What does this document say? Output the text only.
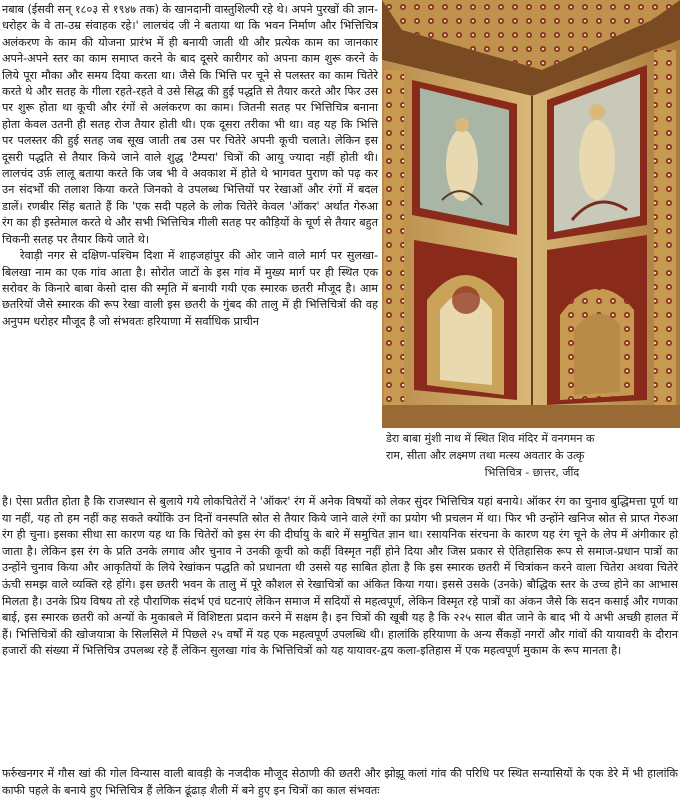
नबाब (ईसवी सन् १८०३ से १९४७ तक) के खानदानी वास्तुशिल्पी रहे थे। अपने पुरखों की ज्ञान-धरोहर के वे ता-उम्र संवाहक रहे।' लालचंद जी ने बताया था कि भवन निर्माण और भित्तिचित्र अलंकरण के काम की योजना प्रारंभ में ही बनायी जाती थी और प्रत्येक काम का जानकार अपने-अपने स्तर का काम समाप्त करने के बाद दूसरे कारीगर को अपना काम शुरू करने के लिये पूरा मौका और समय दिया करता था। जैसे कि भित्ति पर चूने से पलस्तर का काम चितेरे करते थे और सतह के गीला रहते-रहते वे उसे सिद्ध की हुई पद्धति से तैयार करते और फिर उस पर शुरू होता था कूची और रंगों से अलंकरण का काम। जितनी सतह पर भित्तिचित्र बनाना होता केवल उतनी ही सतह रोज तैयार होती थी। एक दूसरा तरीका भी था। वह यह कि भित्ति पर पलस्तर की हुई सतह जब सूख जाती तब उस पर चितेरे अपनी कूची चलाते। लेकिन इस दूसरी पद्धति से तैयार किये जाने वाले शुद्ध 'टैम्परा' चित्रों की आयु ज्यादा नहीं होती थी। लालचंद उर्फ़ लालू बताया करते कि जब भी वे अवकाश में होते थे भागवत पुराण को पढ़ कर उन संदर्भों की तलाश किया करते जिनको वे उपलब्ध भित्तियों पर रेखाओं और रंगों में बदल डालें। रणबीर सिंह बताते हैं कि 'एक सदी पहले के लोक चितेरे केवल 'ऑकर' अर्थात गेरुआ रंग का ही इस्तेमाल करते थे और सभी भित्तिचित्र गीली सतह पर कौड़ियों के चूर्ण से तैयार बहुत चिकनी सतह पर तैयार किये जाते थे।

रेवाड़ी नगर से दक्षिण-पश्चिम दिशा में शाहजहांपुर की ओर जाने वाले मार्ग पर सुलखा-बिलखा नाम का एक गांव आता है। सोरोत जाटों के इस गांव में मुख्य मार्ग पर ही स्थित एक सरोवर के किनारे बाबा केसो दास की स्मृति में बनायी गयी एक स्मारक छतरी मौजूद है। आम छतरियों जैसे स्मारक की रूप रेखा वाली इस छतरी के गुंबद की तालु में ही भित्तिचित्रों की वह अनुपम धरोहर मौजूद है जो संभवतः हरियाणा में सर्वाधिक प्राचीन

डेरा बाबा मुंशी नाथ में स्थित शिव मंदिर में वनगमन क
राम, सीता और लक्ष्मण तथा मत्स्य अवतार के उत्कृ
भित्तिचित्र - छात्तर, जींद

है। ऐसा प्रतीत होता है कि राजस्थान से बुलाये गये लोकचितेरों ने 'ऑकर' रंग में अनेक विषयों को लेकर सुंदर भित्तिचित्र यहां बनाये। ऑकर रंग का चुनाव बुद्धिमत्ता पूर्ण था या नहीं, यह तो हम नहीं कह सकते क्योंकि उन दिनों वनस्पति स्रोत से तैयार किये जाने वाले रंगों का प्रयोग भी प्रचलन में था। फिर भी उन्होंने खनिज स्रोत से प्राप्त गेरुआ रंग ही चुना। इसका सीधा सा कारण यह था कि चितेरों को इस रंग की दीर्घायु के बारे में समुचित ज्ञान था। रसायनिक संरचना के कारण यह रंग चूने के लेप में अंगीकार हो जाता है। लेकिन इस रंग के प्रति उनके लगाव और चुनाव ने उनकी कूची को कहीं विस्मृत नहीं होने दिया और जिस प्रकार से ऐतिहासिक रूप से समाज-प्रधान पात्रों का उन्होंने चुनाव किया और आकृतियों के लिये रेखांकन पद्धति को प्रधानता थी उससे यह साबित होता है कि इस स्मारक छतरी में चित्रांकन करने वाला चितेरा अथवा चितेरे ऊंची समझ वाले व्यक्ति रहे होंगे। इस छतरी भवन के तालु में पूरे कौशल से रेखाचित्रों का अंकित किया गया। इससे उसके (उनके) बौद्धिक स्तर के उच्च होने का आभास मिलता है। उनके प्रिय विषय तो रहे पौराणिक संदर्भ एवं घटनाएं लेकिन समाज में सदियों से महत्वपूर्ण, लेकिन विस्मृत रहे पात्रों का अंकन जैसे कि सदन कसाई और गणका बाई, इस स्मारक छतरी को अन्यों के मुकाबले में विशिष्टता प्रदान करने में सक्षम है। इन चित्रों की खूबी यह है कि २२५ साल बीत जाने के बाद भी ये अभी अच्छी हालत में हैं। भित्तिचित्रों की खोजयात्रा के सिलसिले में पिछले २५ वर्षों में यह एक महत्वपूर्ण उपलब्धि थी। हालांकि हरियाणा के अन्य सैंकड़ों नगरों और गांवों की यायावरी के दौरान हजारों की संख्या में भित्तिचित्र उपलब्ध रहे हैं लेकिन सुलखा गांव के भित्तिचित्रों को यह यायावर-द्वय कला-इतिहास में एक महत्वपूर्ण मुकाम के रूप मानता है।

फर्रुखनगर में गौस खां की गोल विन्यास वाली बावड़ी के नजदीक मौजूद सेठाणी की छतरी और झोझू कलां गांव की परिधि पर स्थित सन्यासियों के एक डेरे में भी हालांकि काफी पहले के बनाये हुए भित्तिचित्र हैं लेकिन ढूंढाड़ शैली में बने हुए इन चित्रों का काल संभवतः
